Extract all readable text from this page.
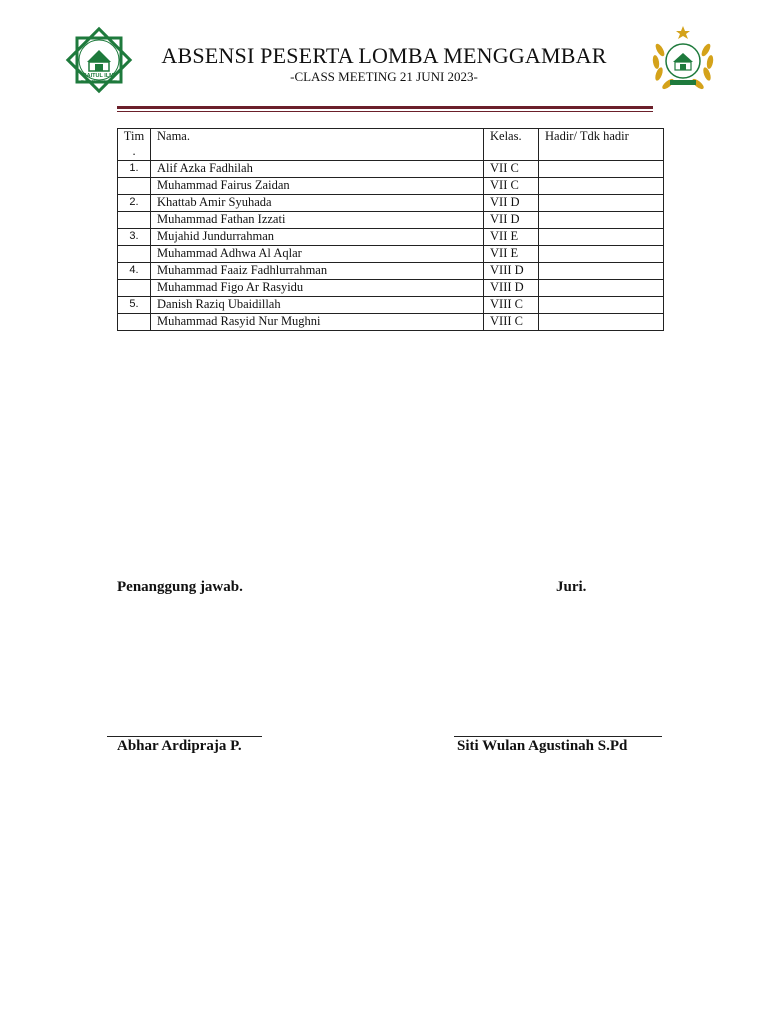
BAITUL ILMI
ISLAMIC BOARDING SCHOOL
ABSENSI PESERTA LOMBA MENGGAMBAR
-CLASS MEETING 21 JUNI 2023-
Tim
.	Nama.	Kelas.	Hadir/ Tdk hadir
1.	Alif Azka Fadhilah	VII C	
	Muhammad Fairus Zaidan	VII C	
2.	Khattab Amir Syuhada	VII D	
	Muhammad Fathan Izzati	VII D	
3.	Mujahid Jundurrahman	VII E	
	Muhammad Adhwa Al Aqlar	VII E	
4.	Muhammad Faaiz Fadhlurrahman	VIII D	
	Muhammad Figo Ar Rasyidu	VIII D	
5.	Danish Raziq Ubaidillah	VIII C	
	Muhammad Rasyid Nur Mughni	VIII C	
Penanggung jawab.	Juri.
Abhar Ardipraja P.	Siti Wulan Agustinah S.Pd
